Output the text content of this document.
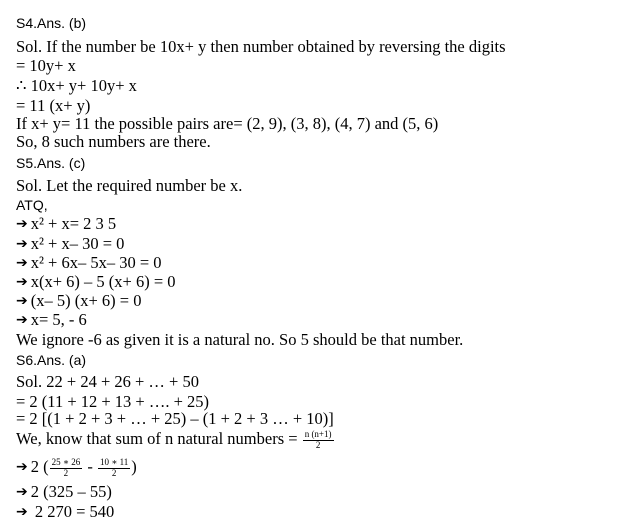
S4.Ans. (b)
Sol. If the number be 10x+ y then number obtained by reversing the digits
= 10y+ x
∴ 10x+ y+ 10y+ x
= 11 (x+ y)
If x+ y= 11 the possible pairs are= (2, 9), (3, 8), (4, 7) and (5, 6)
So, 8 such numbers are there.
S5.Ans. (c)
Sol. Let the required number be x.
ATQ,
➔ x² + x= 2 3 5
➔ x² + x– 30 = 0
➔ x² + 6x– 5x– 30 = 0
➔ x(x+ 6) – 5 (x+ 6) = 0
➔ (x– 5) (x+ 6) = 0
➔ x= 5, - 6
We ignore -6 as given it is a natural no. So 5 should be that number.
S6.Ans. (a)
Sol. 22 + 24 + 26 + … + 50
= 2 (11 + 12 + 13 + …. + 25)
= 2 [(1 + 2 + 3 + … + 25) – (1 + 2 + 3 … + 10)]
We, know that sum of n natural numbers = $\frac{n (n+1)}{2}$
➔ 2 ( $\frac{25 ∗ 26}{2} - \frac{10 ∗ 11}{2}$ )
➔ 2 (325 – 55)
➔ 2 270 = 540
